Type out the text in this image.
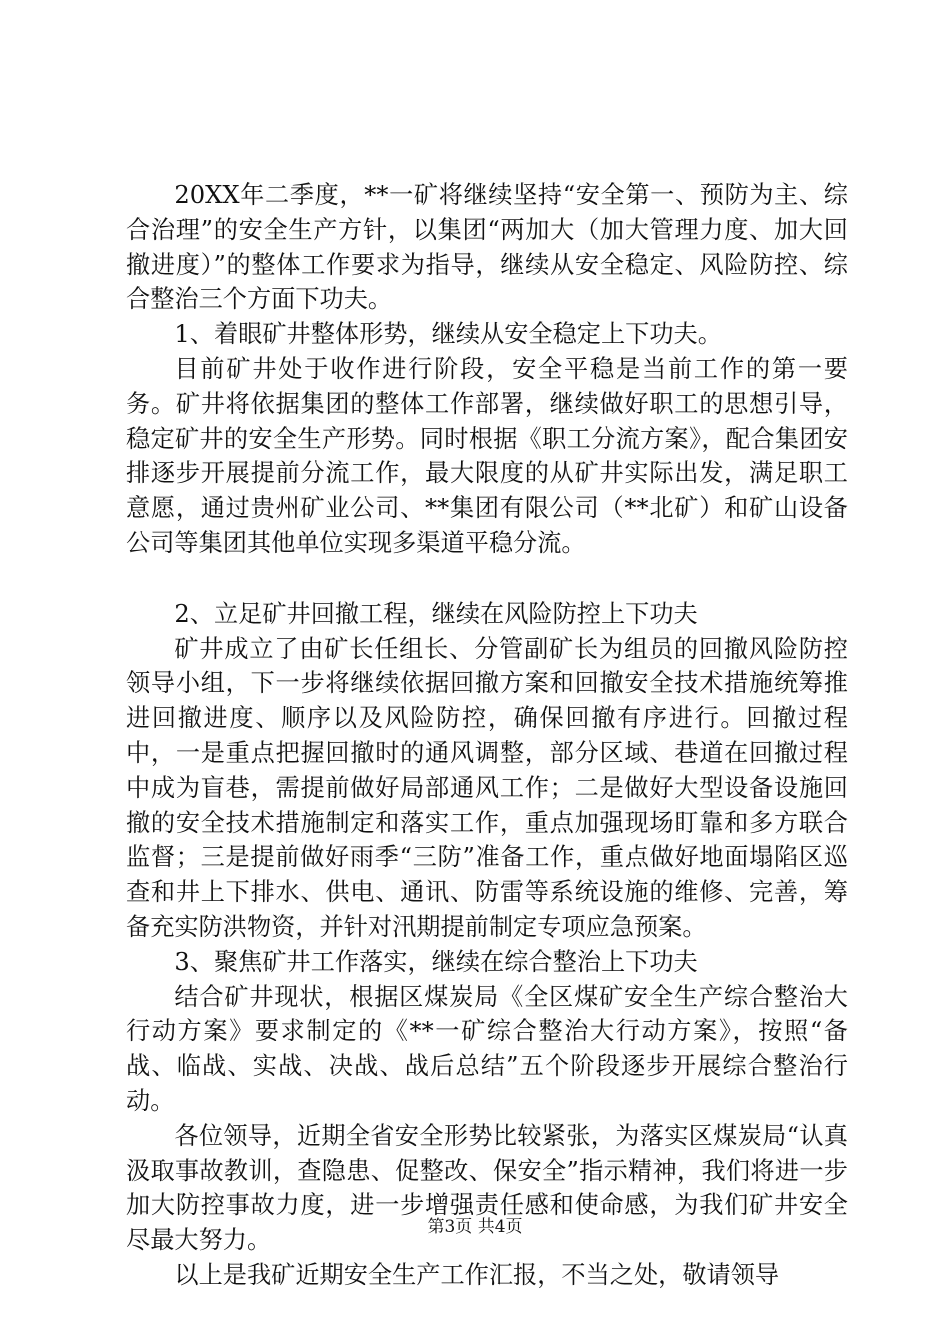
20XX年二季度，**一矿将继续坚持“安全第一、预防为主、综合治理”的安全生产方针，以集团“两加大（加大管理力度、加大回撤进度）”的整体工作要求为指导，继续从安全稳定、风险防控、综合整治三个方面下功夫。

1、着眼矿井整体形势，继续从安全稳定上下功夫。

目前矿井处于收作进行阶段，安全平稳是当前工作的第一要务。矿井将依据集团的整体工作部署，继续做好职工的思想引导，稳定矿井的安全生产形势。同时根据《职工分流方案》，配合集团安排逐步开展提前分流工作，最大限度的从矿井实际出发，满足职工意愿，通过贵州矿业公司、**集团有限公司（**北矿）和矿山设备公司等集团其他单位实现多渠道平稳分流。

2、立足矿井回撤工程，继续在风险防控上下功夫

矿井成立了由矿长任组长、分管副矿长为组员的回撤风险防控领导小组，下一步将继续依据回撤方案和回撤安全技术措施统筹推进回撤进度、顺序以及风险防控，确保回撤有序进行。回撤过程中，一是重点把握回撤时的通风调整，部分区域、巷道在回撤过程中成为盲巷，需提前做好局部通风工作；二是做好大型设备设施回撤的安全技术措施制定和落实工作，重点加强现场盯靠和多方联合监督；三是提前做好雨季“三防”准备工作，重点做好地面塌陷区巡查和井上下排水、供电、通讯、防雷等系统设施的维修、完善，筹备充实防洪物资，并针对汛期提前制定专项应急预案。

3、聚焦矿井工作落实，继续在综合整治上下功夫

结合矿井现状，根据区煤炭局《全区煤矿安全生产综合整治大行动方案》要求制定的《**一矿综合整治大行动方案》，按照“备战、临战、实战、决战、战后总结”五个阶段逐步开展综合整治行动。

各位领导，近期全省安全形势比较紧张，为落实区煤炭局“认真汲取事故教训，查隐患、促整改、保安全”指示精神，我们将进一步加大防控事故力度，进一步增强责任感和使命感，为我们矿井安全尽最大努力。

以上是我矿近期安全生产工作汇报，不当之处，敬请领导

第3页 共4页
